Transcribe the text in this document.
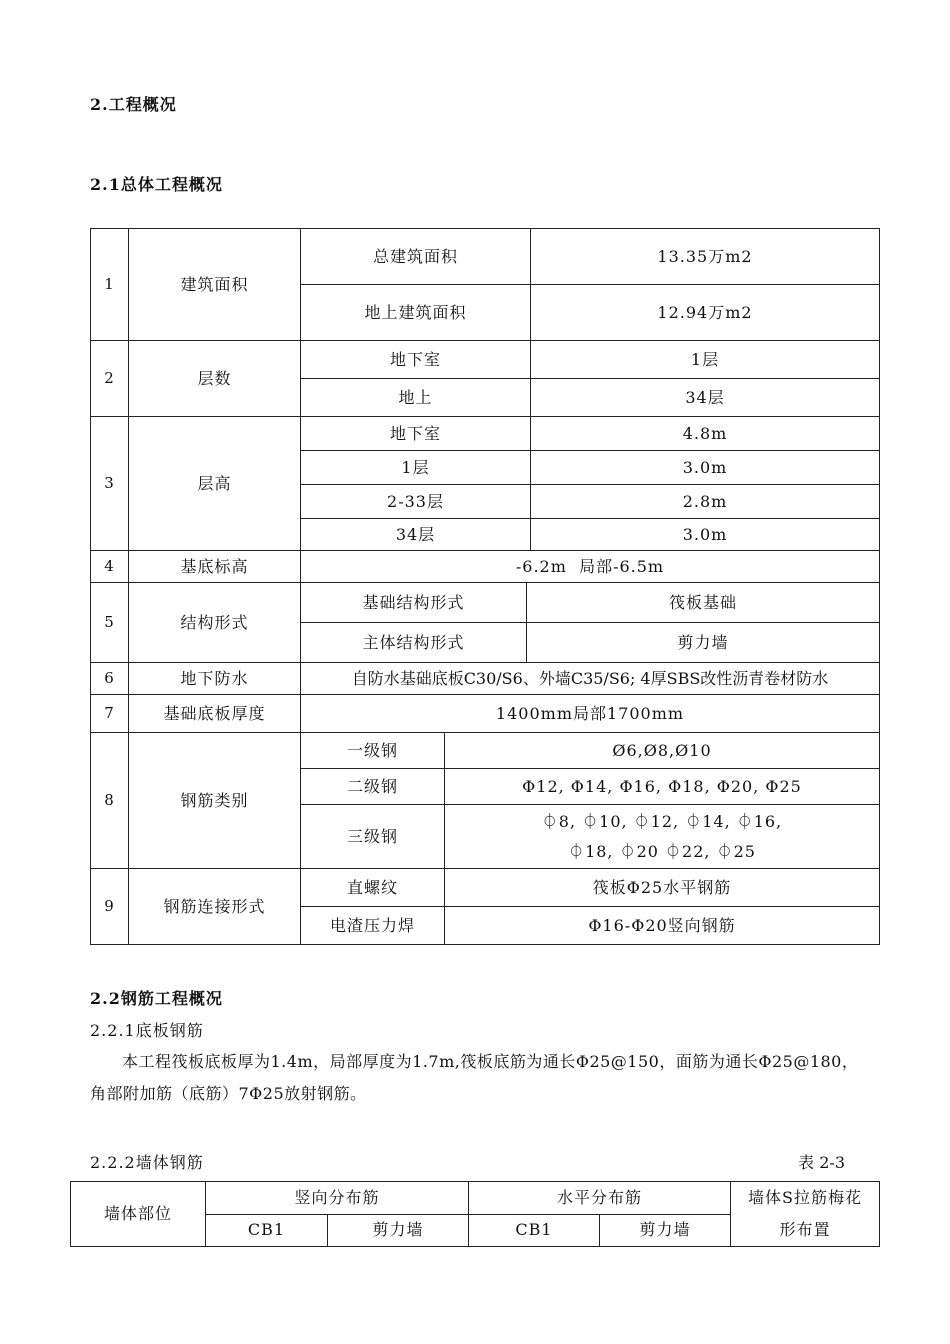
2.工程概况
2.1总体工程概况
1	建筑面积	总建筑面积			13.35万m2
		地上建筑面积			12.94万m2
2	层数	地下室			1层
		地上			34层
3	层高	地下室			4.8m
		1层			3.0m
		2-33层			2.8m
		34层			3.0m
4	基底标高	-6.2m  局部-6.5m			
5	结构形式	基础结构形式		筏板基础	
		主体结构形式		剪力墙	
6	地下防水	自防水基础底板C30/S6、外墙C35/S6; 4厚SBS改性沥青卷材防水			
7	基础底板厚度	1400mm局部1700mm			
8	钢筋类别	一级钢	Ø6,Ø8,Ø10		
		二级钢	Φ12, Φ14, Φ16, Φ18, Φ20, Φ25		
		三级钢	⏀8, ⏀10, ⏀12, ⏀14, ⏀16,
⏀18, ⏀20 ⏀22, ⏀25		

9	钢筋连接形式	直螺纹	筏板Φ25水平钢筋		
		电渣压力焊	Φ16-Φ20竖向钢筋		
2.2钢筋工程概况
2.2.1底板钢筋
本工程筏板底板厚为1.4m，局部厚度为1.7m,筏板底筋为通长Φ25@150，面筋为通长Φ25@180，角部附加筋（底筋）7Φ25放射钢筋。
2.2.2墙体钢筋	表 2-3
墙体部位	竖向分布筋		水平分布筋		墙体S拉筋梅花形布置
	CB1	剪力墙	CB1	剪力墙	
